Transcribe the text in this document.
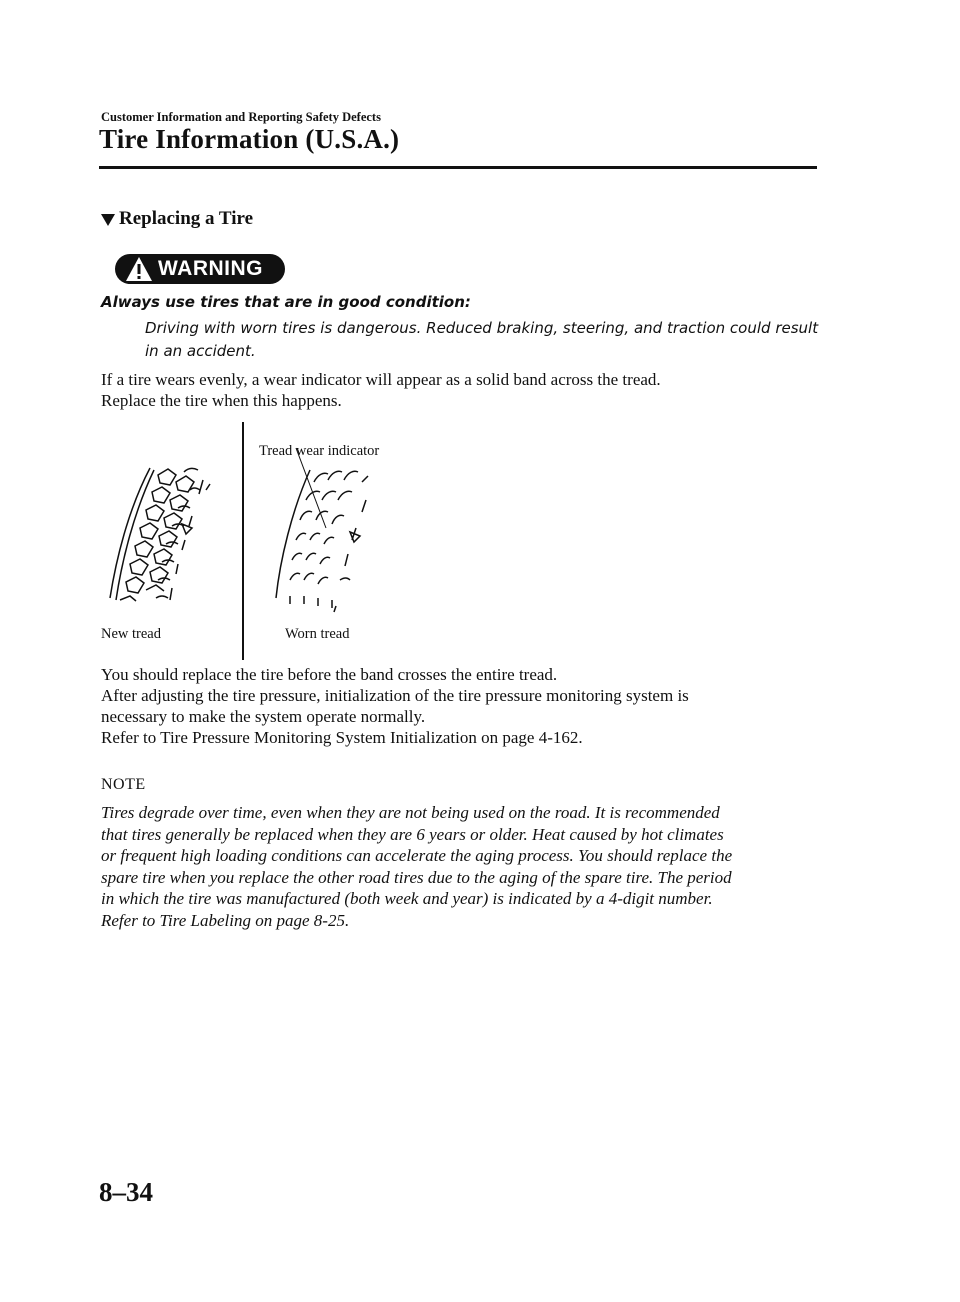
Customer Information and Reporting Safety Defects
Tire Information (U.S.A.)
Replacing a Tire
WARNING
Always use tires that are in good condition:
Driving with worn tires is dangerous. Reduced braking, steering, and traction could result in an accident.
If a tire wears evenly, a wear indicator will appear as a solid band across the tread.
Replace the tire when this happens.
Tread wear indicator
New tread	Worn tread
You should replace the tire before the band crosses the entire tread.
After adjusting the tire pressure, initialization of the tire pressure monitoring system is
necessary to make the system operate normally.
Refer to Tire Pressure Monitoring System Initialization on page 4-162.
NOTE
Tires degrade over time, even when they are not being used on the road. It is recommended
that tires generally be replaced when they are 6 years or older. Heat caused by hot climates
or frequent high loading conditions can accelerate the aging process. You should replace the
spare tire when you replace the other road tires due to the aging of the spare tire. The period
in which the tire was manufactured (both week and year) is indicated by a 4-digit number.
Refer to Tire Labeling on page 8-25.
8–34
